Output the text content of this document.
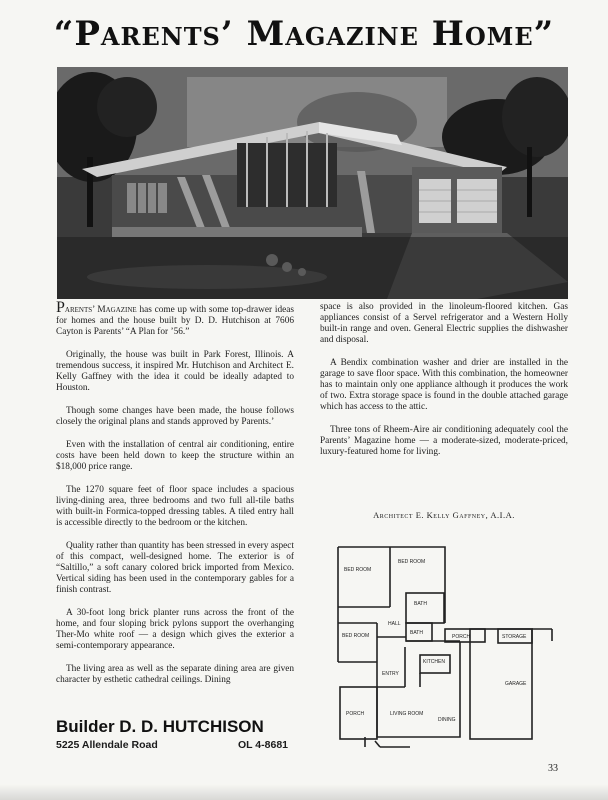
“Parents’ Magazine Home”

Parents’ Magazine has come up with some top-drawer ideas for homes and the house built by D. D. Hutchison at 7606 Cayton is Parents’ “A Plan for ’56.”

Originally, the house was built in Park Forest, Illinois. A tremendous success, it inspired Mr. Hutchison and Architect E. Kelly Gaffney with the idea it could be ideally adapted to Houston.

Though some changes have been made, the house follows closely the original plans and stands approved by Parents.’

Even with the installation of central air conditioning, entire costs have been held down to keep the structure within an $18,000 price range.

The 1270 square feet of floor space includes a spacious living-dining area, three bedrooms and two full all-tile baths with built-in Formica-topped dressing tables. A tiled entry hall is accessible directly to the bedroom or the kitchen.

Quality rather than quantity has been stressed in every aspect of this compact, well-designed home. The exterior is of “Saltillo,” a soft canary colored brick imported from Mexico. Vertical siding has been used in the contemporary gables for a finish contrast.

A 30-foot long brick planter runs across the front of the home, and four sloping brick pylons support the overhanging Ther-Mo white roof — a design which gives the exterior a semi-contemporary appearance.

The living area as well as the separate dining area are given character by esthetic cathedral ceilings. Dining

space is also provided in the linoleum-floored kitchen. Gas appliances consist of a Servel refrigerator and a Western Holly built-in range and oven. General Electric supplies the dishwasher and disposal.

A Bendix combination washer and drier are installed in the garage to save floor space. With this combination, the homeowner has to maintain only one appliance although it produces the work of two. Extra storage space is found in the double attached garage which has access to the attic.

Three tons of Rheem-Aire air conditioning adequately cool the Parents’ Magazine home — a moderate-sized, moderate-priced, luxury-featured home for living.

Architect E. Kelly Gaffney, A.I.A.
BED ROOM
BED ROOM
BED ROOM
BATH
BATH
HALL
PORCH	STORAGE
KITCHEN
ENTRY
GARAGE
PORCH	LIVING ROOM
DINING
Builder D. D. HUTCHISON
5225 Allendale Road	OL 4-8681
33
